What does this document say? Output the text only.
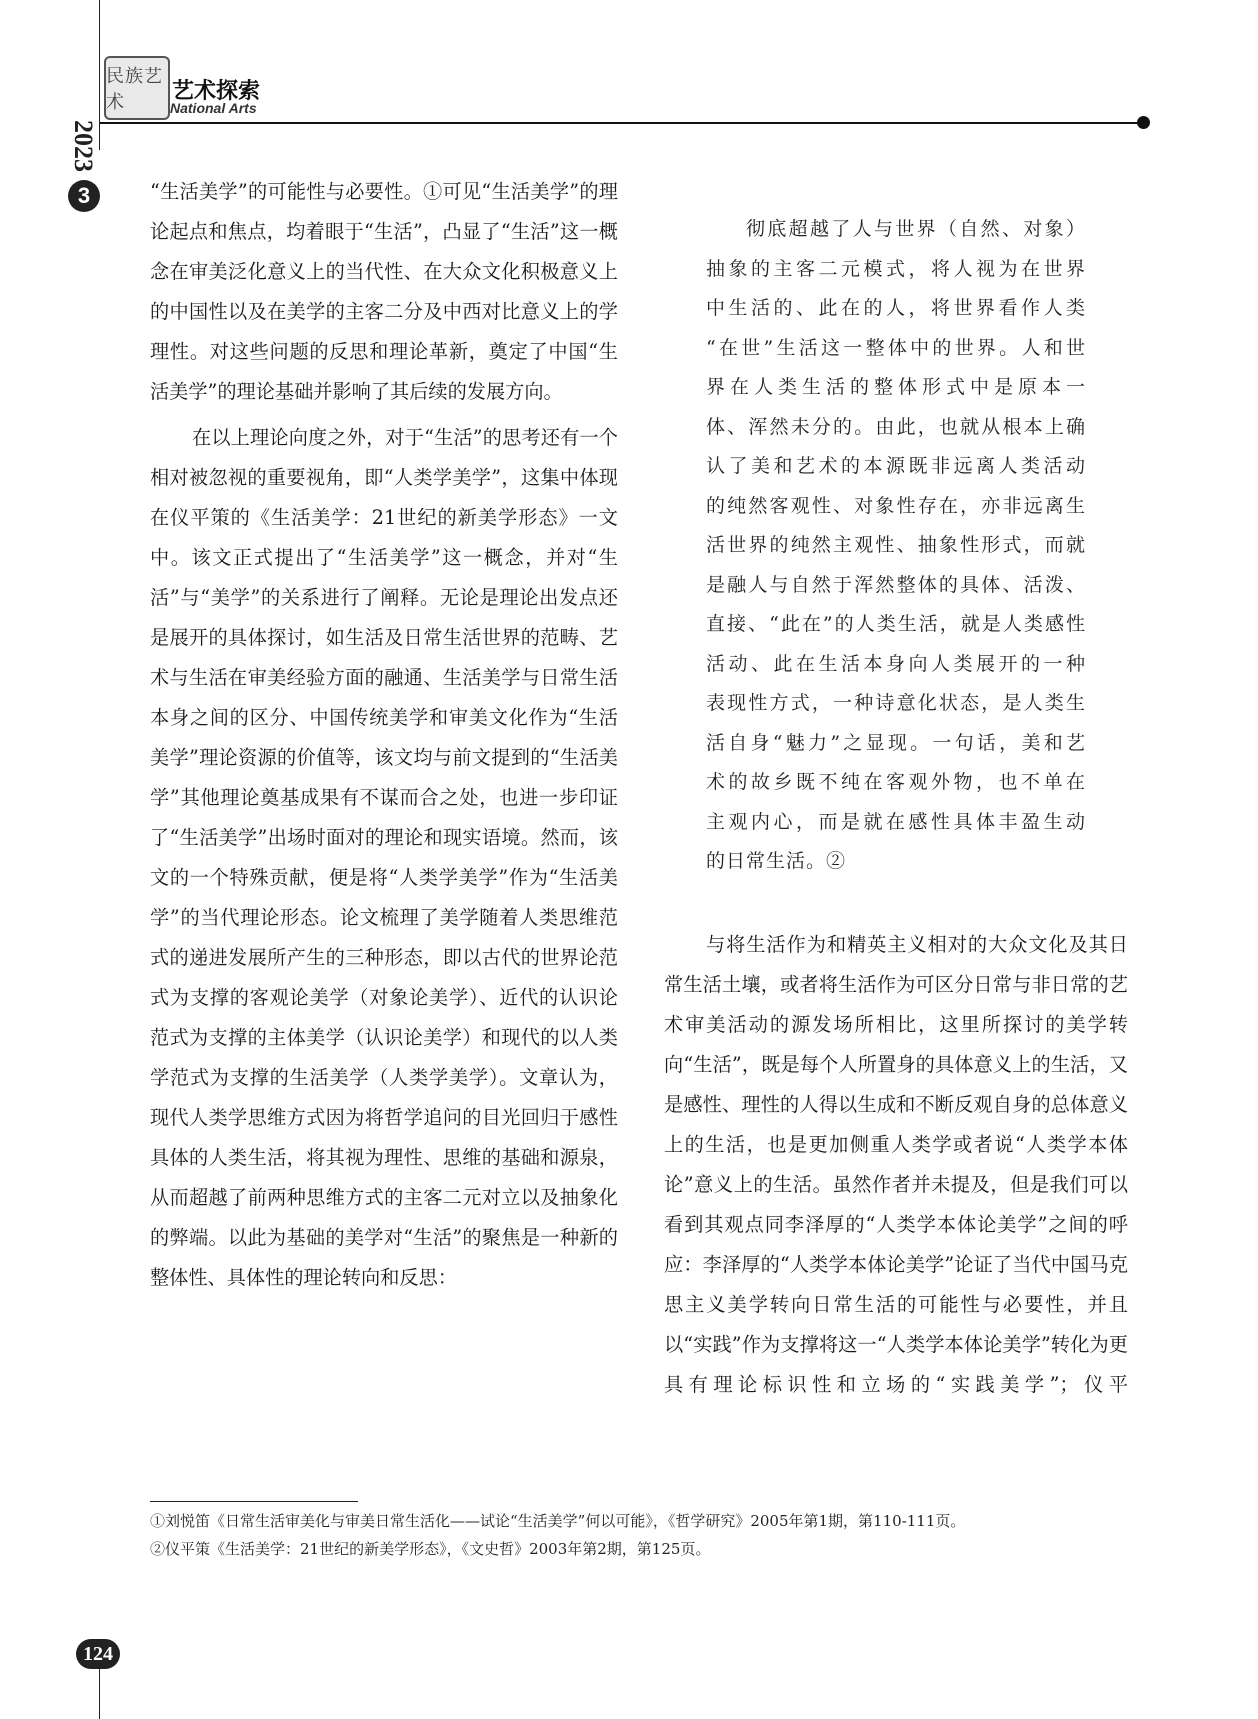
民族艺术	艺术探索
National Arts
2023
3	“生活美学”的可能性与必要性。①可见“生活美学”的理论起点和焦点，均着眼于“生活”，凸显了“生活”这一概念在审美泛化意义上的当代性、在大众文化积极意义上的中国性以及在美学的主客二分及中西对比意义上的学理性。对这些问题的反思和理论革新，奠定了中国“生活美学”的理论基础并影响了其后续的发展方向。

在以上理论向度之外，对于“生活”的思考还有一个相对被忽视的重要视角，即“人类学美学”，这集中体现在仪平策的《生活美学：21世纪的新美学形态》一文中。该文正式提出了“生活美学”这一概念，并对“生活”与“美学”的关系进行了阐释。无论是理论出发点还是展开的具体探讨，如生活及日常生活世界的范畴、艺术与生活在审美经验方面的融通、生活美学与日常生活本身之间的区分、中国传统美学和审美文化作为“生活美学”理论资源的价值等，该文均与前文提到的“生活美学”其他理论奠基成果有不谋而合之处，也进一步印证了“生活美学”出场时面对的理论和现实语境。然而，该文的一个特殊贡献，便是将“人类学美学”作为“生活美学”的当代理论形态。论文梳理了美学随着人类思维范式的递进发展所产生的三种形态，即以古代的世界论范式为支撑的客观论美学（对象论美学）、近代的认识论范式为支撑的主体美学（认识论美学）和现代的以人类学范式为支撑的生活美学（人类学美学）。文章认为，现代人类学思维方式因为将哲学追问的目光回归于感性具体的人类生活，将其视为理性、思维的基础和源泉，从而超越了前两种思维方式的主客二元对立以及抽象化的弊端。以此为基础的美学对“生活”的聚焦是一种新的整体性、具体性的理论转向和反思：

彻底超越了人与世界（自然、对象）
抽象的主客二元模式，将人视为在世界
中生活的、此在的人，将世界看作人类
“在世”生活这一整体中的世界。人和世
界在人类生活的整体形式中是原本一
体、浑然未分的。由此，也就从根本上确
认了美和艺术的本源既非远离人类活动
的纯然客观性、对象性存在，亦非远离生
活世界的纯然主观性、抽象性形式，而就
是融人与自然于浑然整体的具体、活泼、
直接、“此在”的人类生活，就是人类感性
活动、此在生活本身向人类展开的一种
表现性方式，一种诗意化状态，是人类生
活自身“魅力”之显现。一句话，美和艺
术的故乡既不纯在客观外物，也不单在
主观内心，而是就在感性具体丰盈生动
的日常生活。②

与将生活作为和精英主义相对的大众文化及其日常生活土壤，或者将生活作为可区分日常与非日常的艺术审美活动的源发场所相比，这里所探讨的美学转向“生活”，既是每个人所置身的具体意义上的生活，又是感性、理性的人得以生成和不断反观自身的总体意义上的生活，也是更加侧重人类学或者说“人类学本体论”意义上的生活。虽然作者并未提及，但是我们可以看到其观点同李泽厚的“人类学本体论美学”之间的呼应：李泽厚的“人类学本体论美学”论证了当代中国马克思主义美学转向日常生活的可能性与必要性，并且以“实践”作为支撑将这一“人类学本体论美学”转化为更具有理论标识性和立场的“实践美学”；仪平

①刘悦笛《日常生活审美化与审美日常生活化——试论“生活美学”何以可能》，《哲学研究》2005年第1期，第110-111页。
②仪平策《生活美学：21世纪的新美学形态》，《文史哲》2003年第2期，第125页。
124
